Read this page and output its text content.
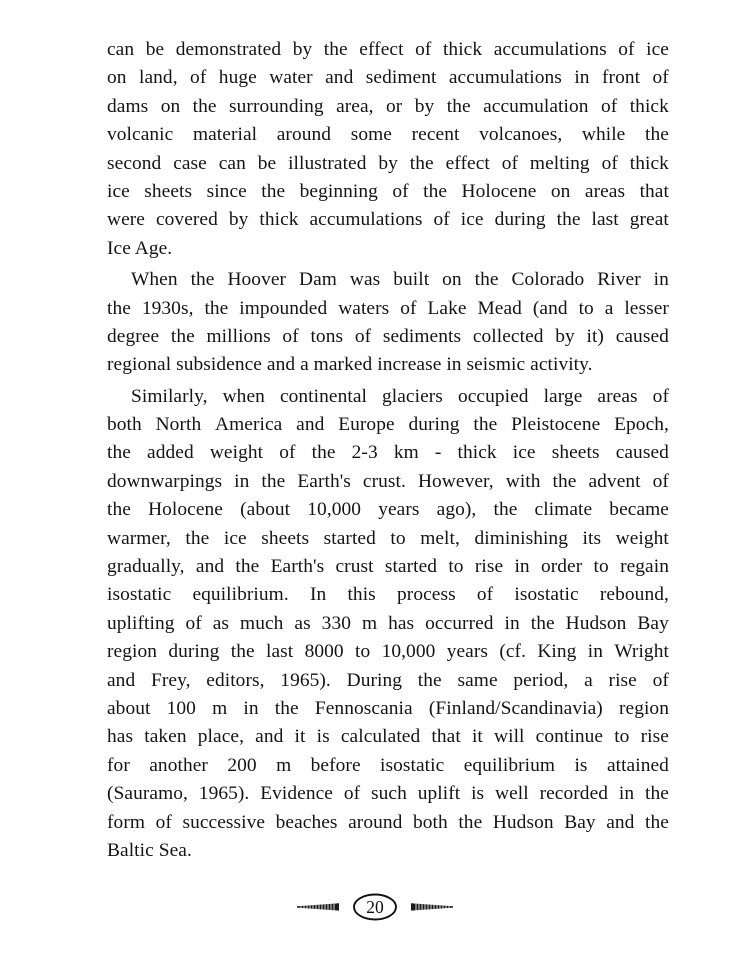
can be demonstrated by the effect of thick accumulations of ice
on land, of huge water and sediment accumulations in front of
dams on the surrounding area, or by the accumulation of thick
volcanic material around some recent volcanoes, while the
second case can be illustrated by the effect of melting of thick
ice sheets since the beginning of the Holocene on areas that
were covered by thick accumulations of ice during the last great
Ice Age.
When the Hoover Dam was built on the Colorado River in
the 1930s, the impounded waters of Lake Mead (and to a lesser
degree the millions of tons of sediments collected by it) caused
regional subsidence and a marked increase in seismic activity.
Similarly, when continental glaciers occupied large areas of
both North America and Europe during the Pleistocene Epoch,
the added weight of the 2-3 km - thick ice sheets caused
downwarpings in the Earth's crust. However, with the advent of
the Holocene (about 10,000 years ago), the climate became
warmer, the ice sheets started to melt, diminishing its weight
gradually, and the Earth's crust started to rise in order to regain
isostatic equilibrium. In this process of isostatic rebound,
uplifting of as much as 330 m has occurred in the Hudson Bay
region during the last 8000 to 10,000 years (cf. King in Wright
and Frey, editors, 1965). During the same period, a rise of
about 100 m in the Fennoscania (Finland/Scandinavia) region
has taken place, and it is calculated that it will continue to rise
for another 200 m before isostatic equilibrium is attained
(Sauramo, 1965). Evidence of such uplift is well recorded in the
form of successive beaches around both the Hudson Bay and the
Baltic Sea.
20
